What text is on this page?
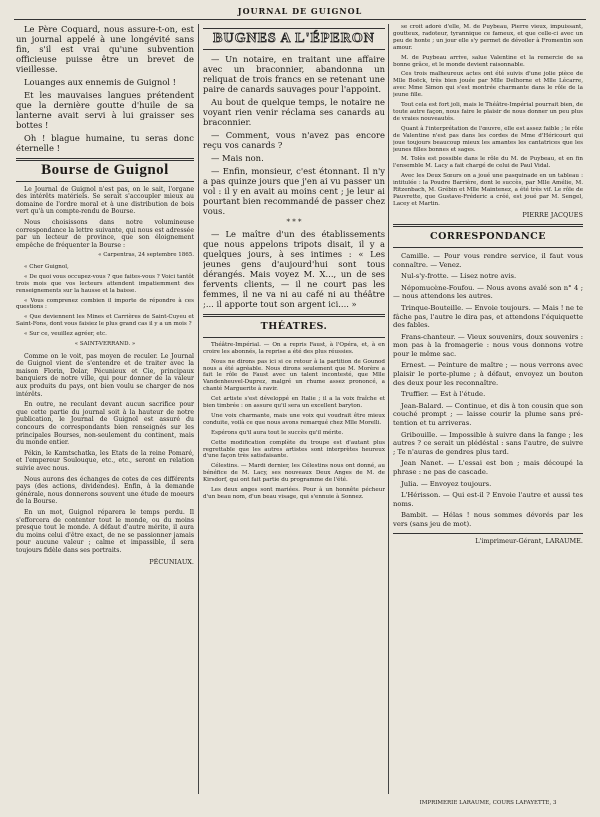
JOURNAL DE GUIGNOL

Le Père Coquard, nous assure-t-on, est un journal appelé à une longévité sans fin, s'il est vrai qu'une subvention officieuse puisse être un brevet de vieillesse.

Louanges aux ennemis de Guignol !

Et les mauvaises langues prétendent que la dernière goutte d'huile de sa lanterne avait servi à lui graisser ses bottes !

Oh ! blague humaine, tu seras donc éternelle !

Bourse de Guignol

Le Journal de Guignol n'est pas, on le sait, l'organe des intérêts matériels. Se serait s'accoupler mieux au domaine de l'ordre moral et à une distribution de bois vert qu'à un compte-rendu de Bourse.

Nous choisissons dans notre volumineuse correspondance la lettre suivante, qui nous est adressée par un lecteur de province, que son éloignement empêche de fréquenter la Bourse :

« Carpentras, 24 septembre 1865.

« Cher Guignol,

« De quoi vous occupez-vous ? que faites-vous ? Voici tantôt trois mois que vos lecteurs attendent impatiemment des renseignements sur la hausse et la baisse.

« Vous comprenez combien il importe de répondre à ces questions :

« Que deviennent les Mines et Carrières de Saint-Cuyeu et Saint-Fons, dont vous faisiez le plus grand cas il y a un mois ?

« Sur ce, veuillez agréer, etc.

« SAINT-VERRAND. »

Comme on le voit, pas moyen de reculer. Le Journal de Guignol vient de s'entendre et de traiter avec la maison Florin, Dolar, Pécunieux et Cie, principaux banquiers de notre ville, qui pour donner de la valeur aux produits du pays, ont bien voulu se charger de nos intérêts.

En outre, ne reculant devant aucun sacrifice pour que cette partie du journal soit à la hauteur de notre publication, le Journal de Guignol est assuré du concours de correspondants bien renseignés sur les principales Bourses, non-seulement du continent, mais du monde entier.

Pékin, le Kamtschatka, les Etats de la reine Pomaré, et l'empereur Soulouque, etc., etc., seront en relation suivie avec nous.

Nous aurons des échanges de cotes de ces différents pays (des actions, dividendes). Enfin, à la demande générale, nous donnerons souvent une étude de moeurs de la Bourse.

En un mot, Guignol réparera le temps perdu. Il s'efforcera de contenter tout le monde, ou du moins presque tout le monde. A défaut d'autre mérite, il aura du moins celui d'être exact, de ne se passionner jamais pour aucune valeur ; calme et impassible, il sera toujours fidèle dans ses portraits.

PÉCUNIAUX.
BUGNES A L'ÉPERON

— Un notaire, en traitant une affaire avec un braconnier, abandonna un reliquat de trois francs en se retenant une paire de canards sauvages pour l'appoint.

Au bout de quelque temps, le notaire ne voyant rien venir réclama ses canards au braconnier.

— Comment, vous n'avez pas encore reçu vos canards ?

— Mais non.

— Enfin, monsieur, c'est étonnant. Il n'y a pas quinze jours que j'en ai vu passer un vol : il y en avait au moins cent ; je leur ai pourtant bien recommandé de passer chez vous.

* * *

— Le maître d'un des établissements que nous appelons tripots disait, il y a quelques jours, à ses intimes : « Les jeunes gens d'aujourd'hui sont tous dérangés. Mais voyez M. X..., un de ses fervents clients, — il ne court pas les femmes, il ne va ni au café ni au théâtre ;... il apporte tout son argent ici.... »

THÉATRES.

Théâtre-Impérial. — On a repris Faust, à l'Opéra, et, à en croire les abonnés, la reprise a été des plus réussies.

Nous ne dirons pas ici si ce retour à la partition de Gounod nous a été agréable. Nous dirons seulement que M. Morère a fait le rôle de Faust avec un talent incontesté, que Mlle Vandenheuvel-Duprez, malgré un rhume assez prononcé, a chanté Marguerite à ravir.

Cet artiste s'est développé en Italie ; il a la voix fraîche et bien timbrée : on assure qu'il sera un excellent baryton.

Une voix charmante, mais une voix qui voudrait être mieux conduite, voilà ce que nous avons remarqué chez Mlle Morelli.

Espérons qu'il aura tout le succès qu'il mérite.

Cette modification complète du troupe est d'autant plus regrettable que les autres artistes sont interprètes heureux d'une façon très satisfaisante.

Célestins. — Mardi dernier, les Célestins nous ont donné, au bénéfice de M. Lacy, ses nouveaux Deux Anges de M. de Kirsdorf, qui ont fait partie du programme de l'été.

Les deux anges sont mariées. Pour à un honnête pécheur d'un beau nom, d'un beau visage, qui s'ennuie à Sonnez.

se croit adoré d'elle, M. de Puybeau, Pierre vieux, impuissant, goutteux, radoteur, tyrannique ce fameux, et que celle-ci avec un peu de honte ; un jour elle s'y permet de dévoiler à Fromentin son amour.

M. de Puybeau arrive, salue Valentine et la remercie de sa bonne grâce, et le monde devient raisonnable.

Ces trois malheureux actes ont été suivis d'une jolie pièce de Mlle Boëck, très bien jouée par Mlle Delhorne et Mlle Lécarre, avec Mme Simon qui s'est montrée charmante dans le rôle de la jeune fille.

Tout cela est fort joli, mais le Théâtre-Impérial pourrait bien, de toute autre façon, nous faire le plaisir de nous donner un peu plus de vraies nouveautés.

Quant à l'interprétation de l'œuvre, elle est assez faible ; le rôle de Valentine n'est pas dans les cordes de Mme d'Héricourt qui joue toujours beaucoup mieux les amantes les cantatrices que les jeunes filles bonnes et sages.

M. Tolès est possible dans le rôle du M. de Puybeau, et en fin l'ensemble M. Lacy a fait chargé de celui de Paul Vidal.

Avec les Deux Sœurs on a joué une pasquinade en un tableau : intitulée : la Poudre Barrière, dont le succès, par Mlle Amélie, M. Ritzenbach, M. Grébin et Mlle Maintenez, a été très vif. Le rôle de Pauvrette, que Gustave-Fréderic a créé, est joué par M. Sengel, Lacey et Martin.

PIERRE JACQUES
CORRESPONDANCE

Camille. — Pour vous rendre service, il faut vous connaître. — Venez.

Nul-s'y-frotte. — Lisez notre avis.

Népomucène-Foufou. — Nous avons avalé son n° 4 ; — nous attendons les autres.

Trinque-Bouteille. — Envoie toujours. — Mais ! ne te fâche pas, l'autre le dira pas, et attendons l'équiquette des fables.

Frans-chanteur. — Vieux souvenirs, doux souvenirs : mon pas à la fromagerie : nous vous donnons votre pour le même sac.

Ernest. — Peinture de maître ; — nous verrons avec plaisir le porte-plume ; à défaut, envoyez un bouton des deux pour les reconnaître.

Truffier. — Est à l'étude.

Jean-Balard. — Continue, et dis à ton cousin que son couché prompt ; — laisse courir la plume sans prétention et tu arriveras.

Gribouille. — Impossible à suivre dans la fange ; les autres ? ce serait un plédéstal : sans l'autre, de suivre ; Te n'auras de gendres plus tard.

Jean Nanet. — L'essai est bon ; mais découpé la phrase : ne pas de cascade.

Julia. — Envoyez toujours.

L'Hérisson. — Qui est-il ? Envoie l'autre et aussi tes noms.

Bambit. — Hélas ! nous sommes dévorés par les vers (sans jeu de mot).

L'imprimeur-Gérant, LARAUME.
IMPRIMERIE LARAUME, COURS LAFAYETTE, 3
